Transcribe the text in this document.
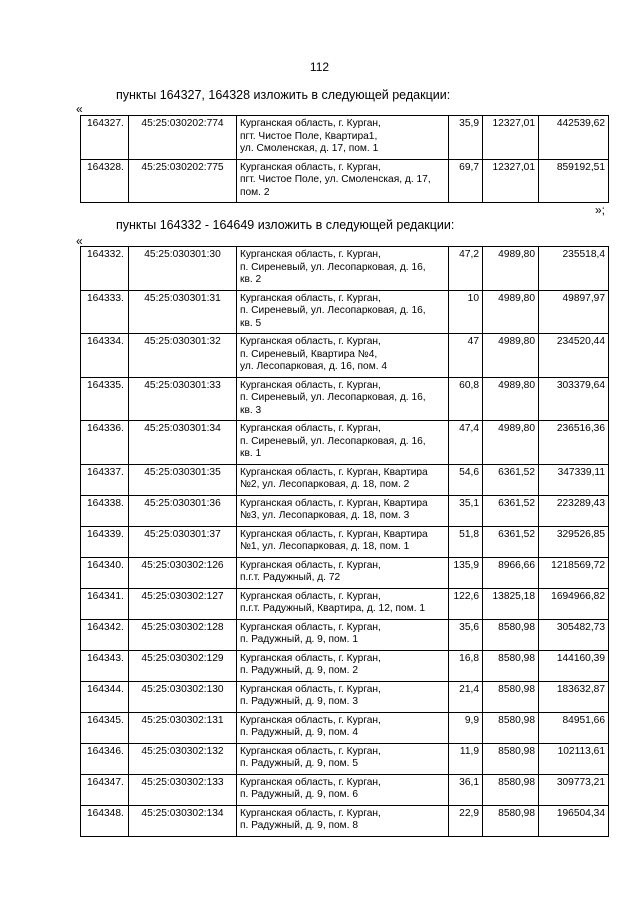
112
пункты 164327, 164328 изложить в следующей редакции:
«
164327.	45:25:030202:774	Курганская область, г. Курган,
пгт. Чистое Поле, Квартира1,
ул. Смоленская, д. 17, пом. 1	35,9	12327,01	442539,62
164328.	45:25:030202:775	Курганская область, г. Курган,
пгт. Чистое Поле, ул. Смоленская, д. 17,
пом. 2	69,7	12327,01	859192,51
»;
пункты 164332 - 164649 изложить в следующей редакции:
«
164332.	45:25:030301:30	Курганская область, г. Курган,
п. Сиреневый, ул. Лесопарковая, д. 16,
кв. 2	47,2	4989,80	235518,4
164333.	45:25:030301:31	Курганская область, г. Курган,
п. Сиреневый, ул. Лесопарковая, д. 16,
кв. 5	10	4989,80	49897,97
164334.	45:25:030301:32	Курганская область, г. Курган,
п. Сиреневый, Квартира №4,
ул. Лесопарковая, д. 16, пом. 4	47	4989,80	234520,44
164335.	45:25:030301:33	Курганская область, г. Курган,
п. Сиреневый, ул. Лесопарковая, д. 16,
кв. 3	60,8	4989,80	303379,64
164336.	45:25:030301:34	Курганская область, г. Курган,
п. Сиреневый, ул. Лесопарковая, д. 16,
кв. 1	47,4	4989,80	236516,36
164337.	45:25:030301:35	Курганская область, г. Курган, Квартира
№2, ул. Лесопарковая, д. 18, пом. 2	54,6	6361,52	347339,11
164338.	45:25:030301:36	Курганская область, г. Курган, Квартира
№3, ул. Лесопарковая, д. 18, пом. 3	35,1	6361,52	223289,43
164339.	45:25:030301:37	Курганская область, г. Курган, Квартира
№1, ул. Лесопарковая, д. 18, пом. 1	51,8	6361,52	329526,85
164340.	45:25:030302:126	Курганская область, г. Курган,
п.г.т. Радужный, д. 72	135,9	8966,66	1218569,72
164341.	45:25:030302:127	Курганская область, г. Курган,
п.г.т. Радужный, Квартира, д. 12, пом. 1	122,6	13825,18	1694966,82
164342.	45:25:030302:128	Курганская область, г. Курган,
п. Радужный, д. 9, пом. 1	35,6	8580,98	305482,73
164343.	45:25:030302:129	Курганская область, г. Курган,
п. Радужный, д. 9, пом. 2	16,8	8580,98	144160,39
164344.	45:25:030302:130	Курганская область, г. Курган,
п. Радужный, д. 9, пом. 3	21,4	8580,98	183632,87
164345.	45:25:030302:131	Курганская область, г. Курган,
п. Радужный, д. 9, пом. 4	9,9	8580,98	84951,66
164346.	45:25:030302:132	Курганская область, г. Курган,
п. Радужный, д. 9, пом. 5	11,9	8580,98	102113,61
164347.	45:25:030302:133	Курганская область, г. Курган,
п. Радужный, д. 9, пом. 6	36,1	8580,98	309773,21
164348.	45:25:030302:134	Курганская область, г. Курган,
п. Радужный, д. 9, пом. 8	22,9	8580,98	196504,34
